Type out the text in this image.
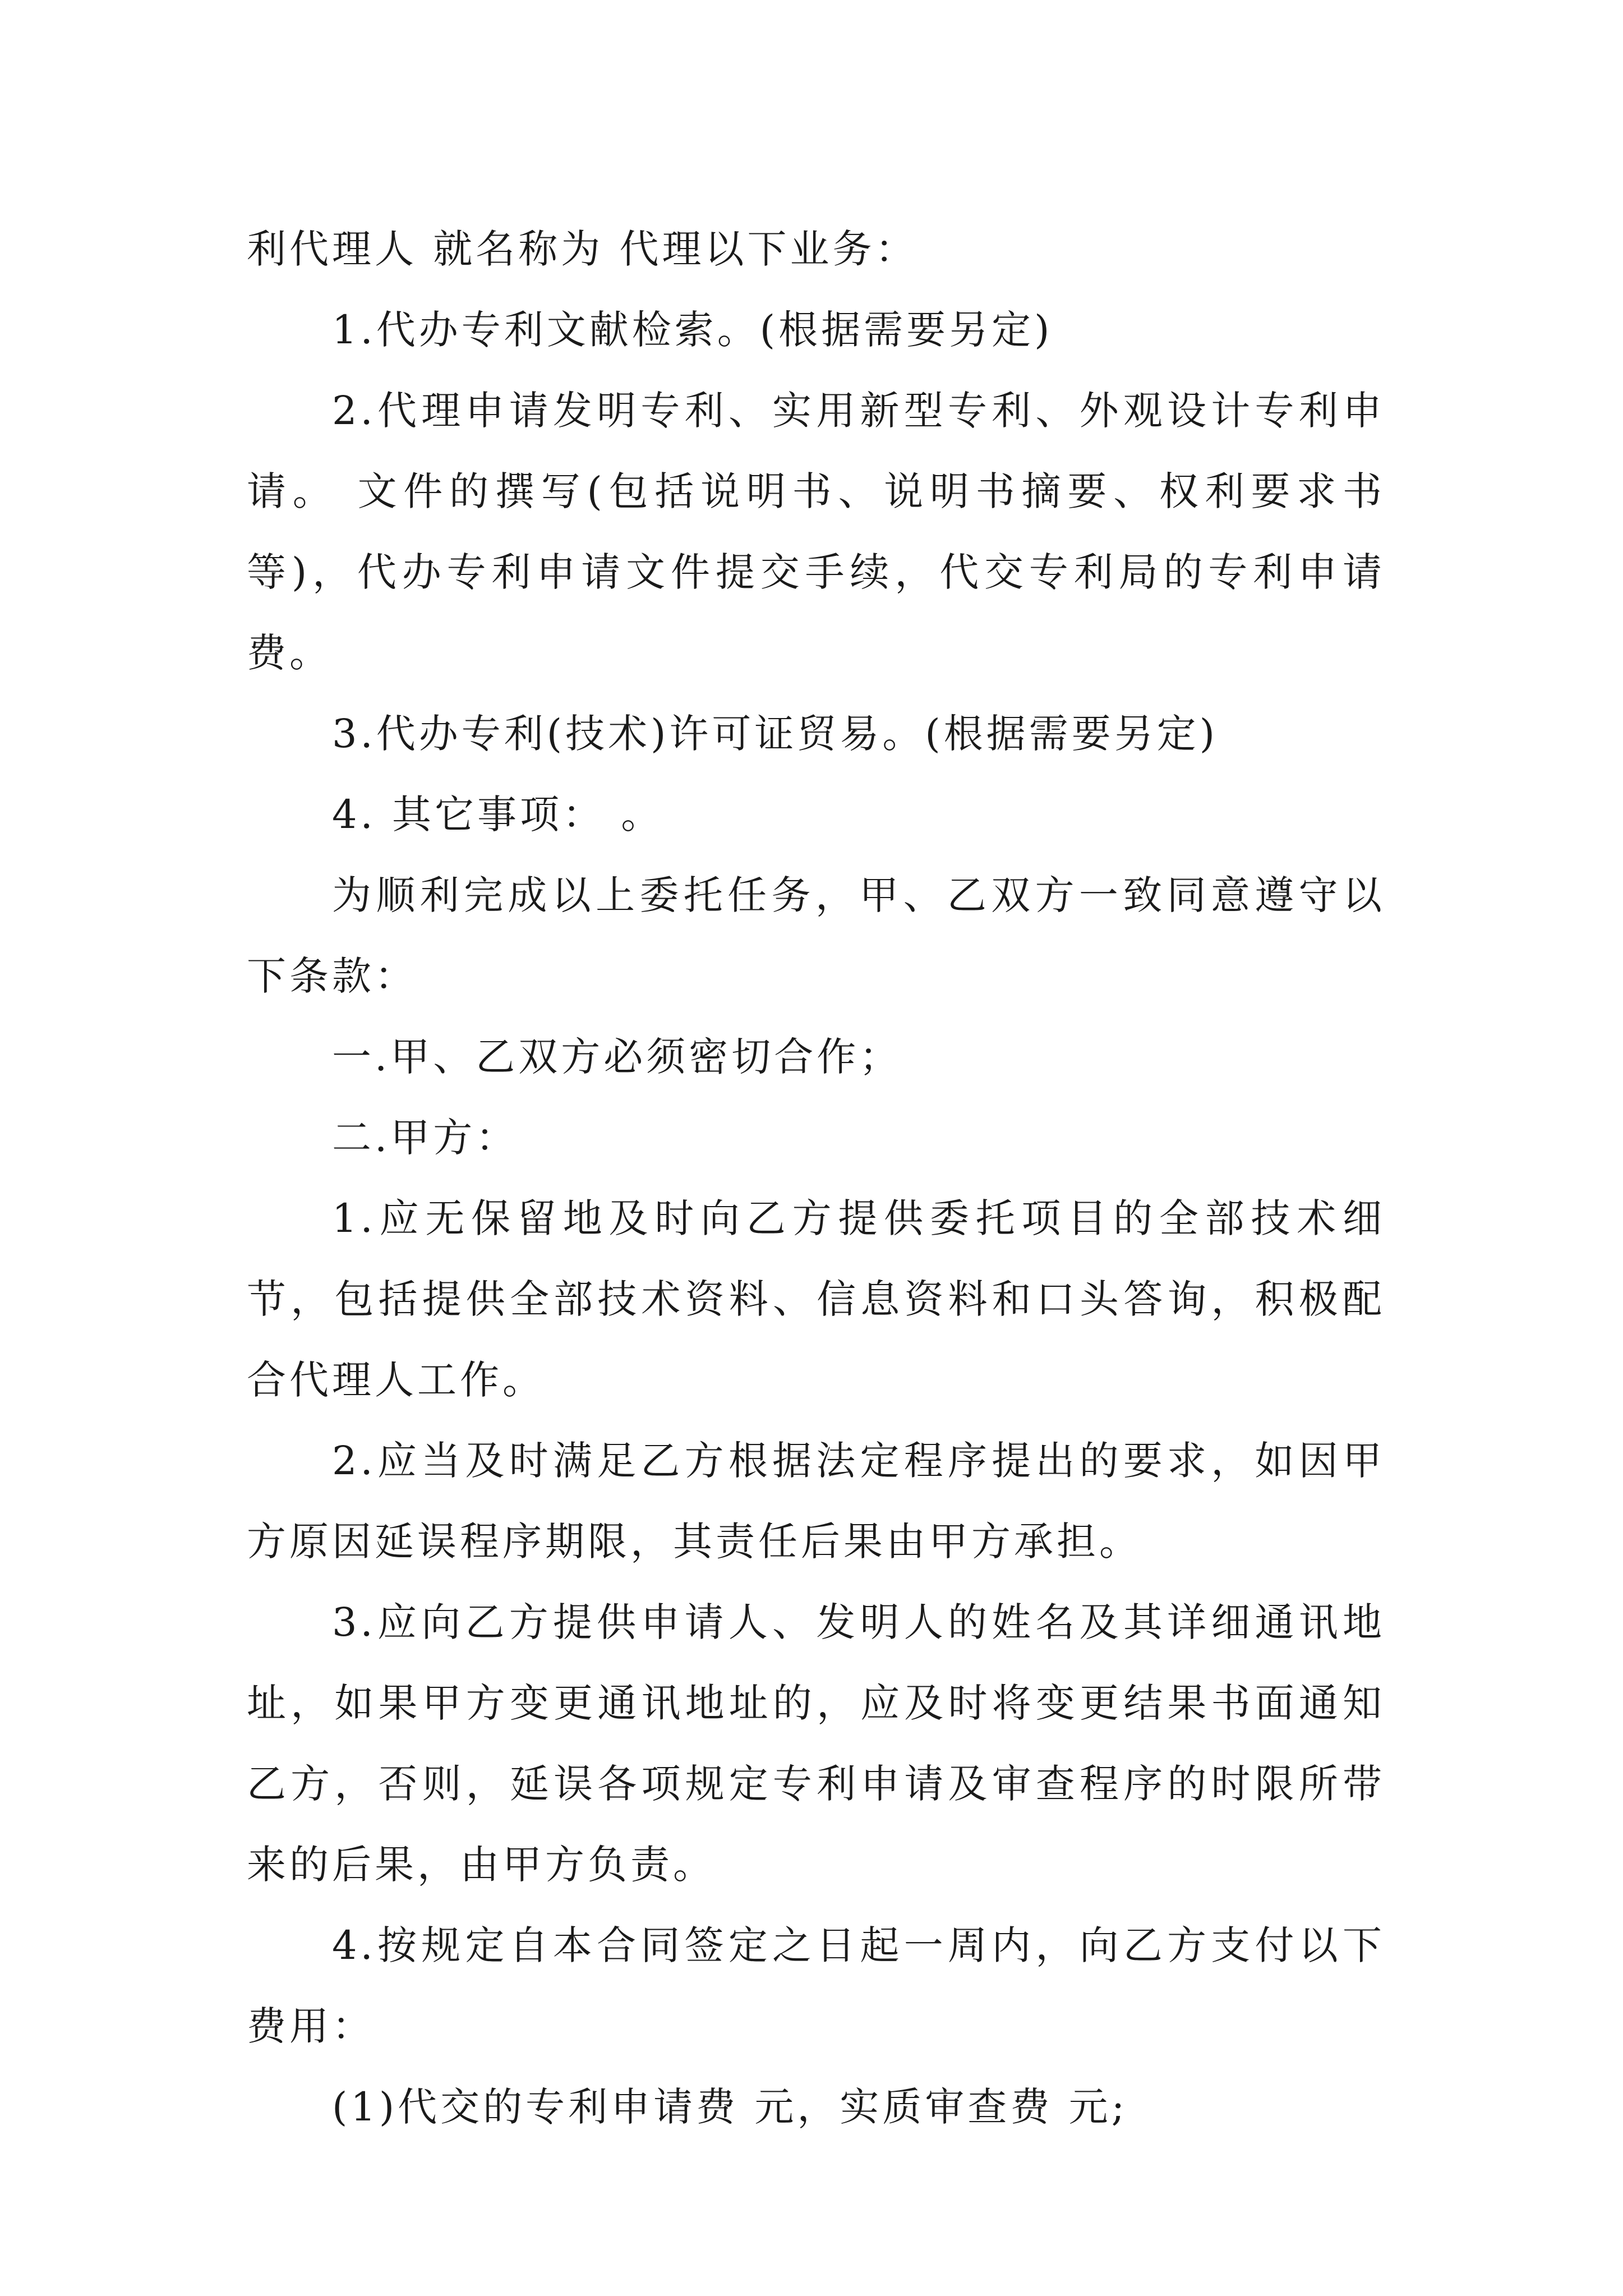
利代理人 就名称为 代理以下业务：

1.代办专利文献检索。(根据需要另定)

2.代理申请发明专利、实用新型专利、外观设计专利申请。 文件的撰写(包括说明书、说明书摘要、权利要求书等)，代办专利申请文件提交手续，代交专利局的专利申请费。

3.代办专利(技术)许可证贸易。(根据需要另定)

4. 其它事项： 。

为顺利完成以上委托任务，甲、乙双方一致同意遵守以下条款：

一.甲、乙双方必须密切合作；

二.甲方：

1.应无保留地及时向乙方提供委托项目的全部技术细节，包括提供全部技术资料、信息资料和口头答询，积极配合代理人工作。

2.应当及时满足乙方根据法定程序提出的要求，如因甲方原因延误程序期限，其责任后果由甲方承担。

3.应向乙方提供申请人、发明人的姓名及其详细通讯地址，如果甲方变更通讯地址的，应及时将变更结果书面通知乙方，否则，延误各项规定专利申请及审查程序的时限所带来的后果，由甲方负责。

4.按规定自本合同签定之日起一周内，向乙方支付以下费用：

(1)代交的专利申请费 元，实质审查费 元;
